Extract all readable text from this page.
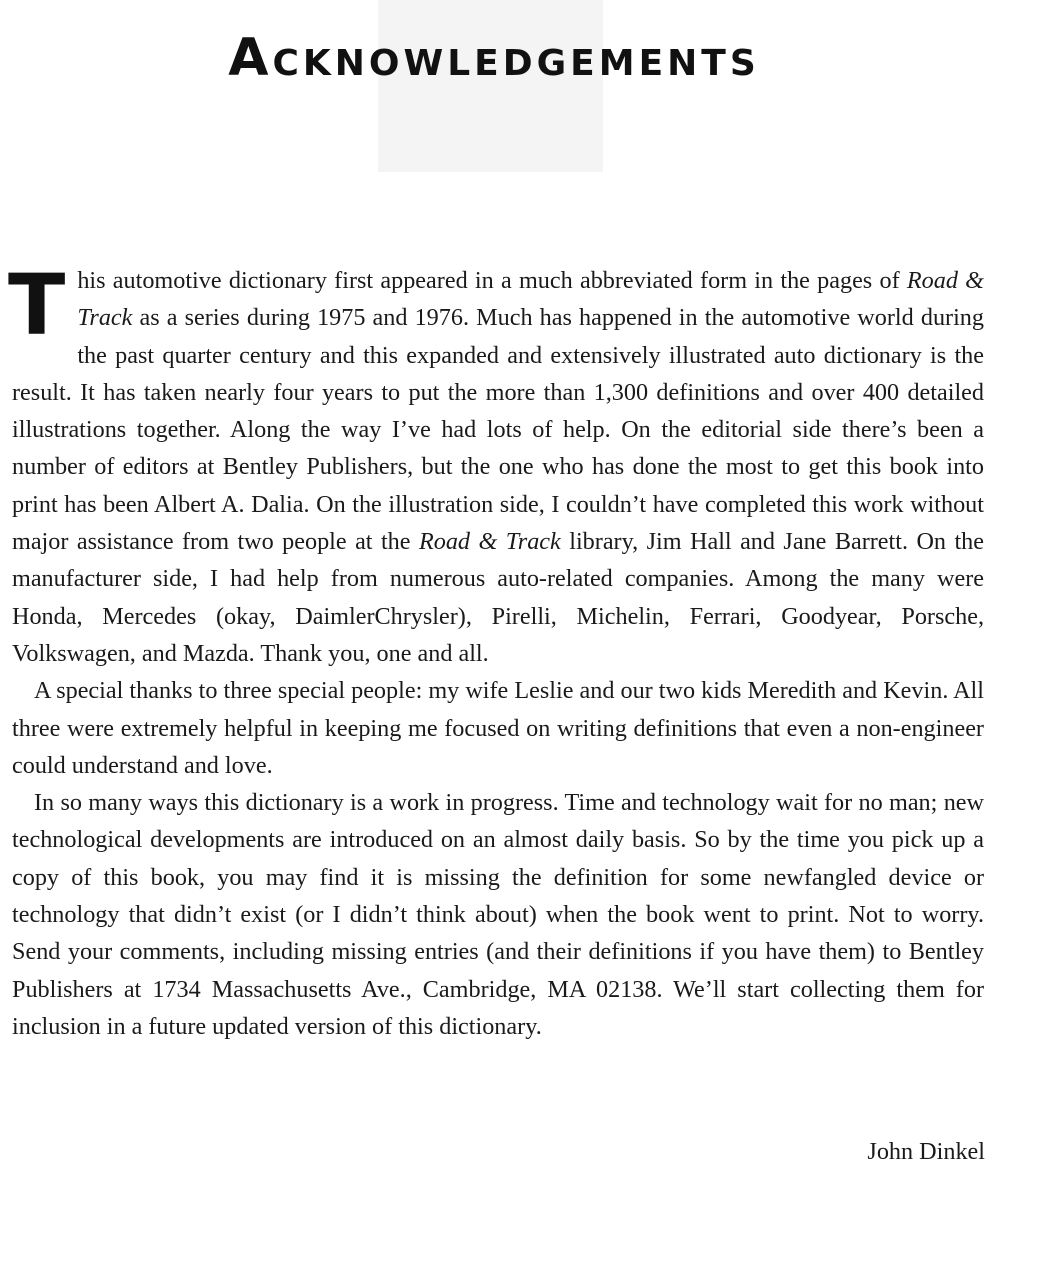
Acknowledgements

This automotive dictionary first appeared in a much abbreviated form in the pages of Road & Track as a series during 1975 and 1976. Much has happened in the automotive world during the past quarter century and this expanded and extensively illustrated auto dictionary is the result. It has taken nearly four years to put the more than 1,300 definitions and over 400 detailed illustrations together. Along the way I’ve had lots of help. On the editorial side there’s been a number of editors at Bentley Publishers, but the one who has done the most to get this book into print has been Albert A. Dalia. On the illustration side, I couldn’t have completed this work without major assistance from two people at the Road & Track library, Jim Hall and Jane Barrett. On the manufacturer side, I had help from numerous auto-related companies. Among the many were Honda, Mercedes (okay, DaimlerChrysler), Pirelli, Michelin, Ferrari, Goodyear, Porsche, Volkswagen, and Mazda. Thank you, one and all.

A special thanks to three special people: my wife Leslie and our two kids Meredith and Kevin. All three were extremely helpful in keeping me focused on writing definitions that even a non-engineer could understand and love.

In so many ways this dictionary is a work in progress. Time and technology wait for no man; new technological developments are introduced on an almost daily basis. So by the time you pick up a copy of this book, you may find it is missing the definition for some newfangled device or technology that didn’t exist (or I didn’t think about) when the book went to print. Not to worry. Send your comments, including missing entries (and their definitions if you have them) to Bentley Publishers at 1734 Massachusetts Ave., Cambridge, MA 02138. We’ll start collecting them for inclusion in a future updated version of this dictionary.

John Dinkel
